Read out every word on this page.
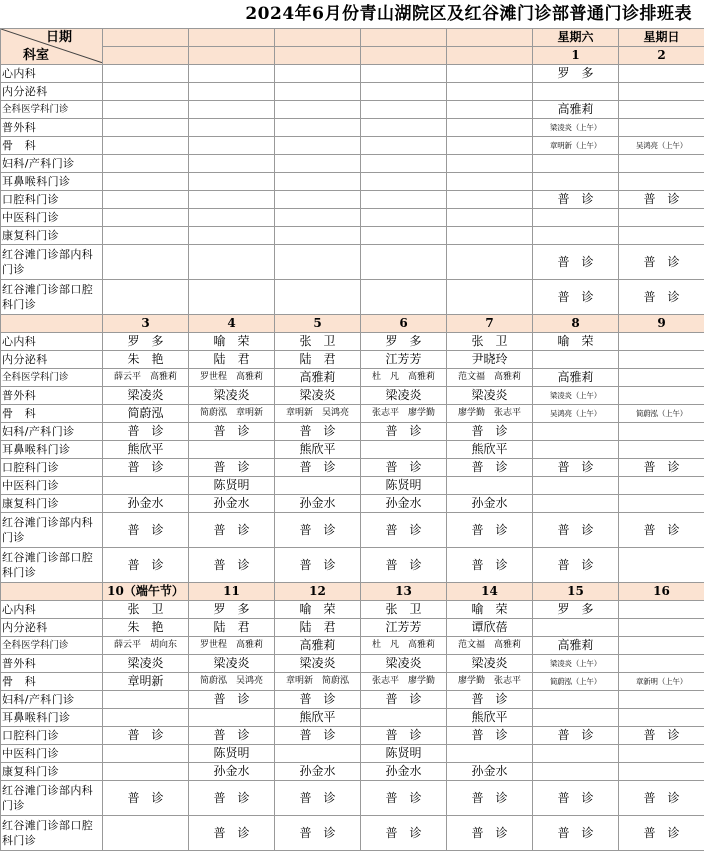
2024年6月份青山湖院区及红谷滩门诊部普通门诊排班表
日期
科室						星期六	星期日
						1	2
心内科						罗　多	
内分泌科							
全科医学科门诊						高雅莉	
普外科						梁凌炎（上午）	
骨　科						章明新（上午）	吴鸿亮（上午）
妇科/产科门诊							
耳鼻喉科门诊							
口腔科门诊						普　诊	普　诊
中医科门诊							
康复科门诊							
红谷滩门诊部内科门诊						普　诊	普　诊
红谷滩门诊部口腔科门诊						普　诊	普　诊
	3	4	5	6	7	8	9
心内科	罗　多	喻　荣	张　卫	罗　多	张　卫	喻　荣	
内分泌科	朱　艳	陆　君	陆　君	江芳芳	尹晓玲		
全科医学科门诊	薛云平　高雅莉	罗世程　高雅莉	高雅莉	杜　凡　高雅莉	范文福　高雅莉	高雅莉	
普外科	梁凌炎	梁凌炎	梁凌炎	梁凌炎	梁凌炎	梁凌炎（上午）	
骨　科	简蔚泓	简蔚泓　章明新	章明新　吴鸿亮	张志平　廖学勤	廖学勤　张志平	吴鸿亮（上午）	简蔚泓（上午）
妇科/产科门诊	普　诊	普　诊	普　诊	普　诊	普　诊		
耳鼻喉科门诊	熊欣平		熊欣平		熊欣平		
口腔科门诊	普　诊	普　诊	普　诊	普　诊	普　诊	普　诊	普　诊
中医科门诊		陈贤明		陈贤明			
康复科门诊	孙金水	孙金水	孙金水	孙金水	孙金水		
红谷滩门诊部内科门诊	普　诊	普　诊	普　诊	普　诊	普　诊	普　诊	普　诊
红谷滩门诊部口腔科门诊	普　诊	普　诊	普　诊	普　诊	普　诊	普　诊	
	10（端午节）	11	12	13	14	15	16
心内科	张　卫	罗　多	喻　荣	张　卫	喻　荣	罗　多	
内分泌科	朱　艳	陆　君	陆　君	江芳芳	谭欣蓓		
全科医学科门诊	薛云平　胡向东	罗世程　高雅莉	高雅莉	杜　凡　高雅莉	范文福　高雅莉	高雅莉	
普外科	梁凌炎	梁凌炎	梁凌炎	梁凌炎	梁凌炎	梁凌炎（上午）	
骨　科	章明新	简蔚泓　吴鸿亮	章明新　简蔚泓	张志平　廖学勤	廖学勤　张志平	简蔚泓（上午）	章新明（上午）
妇科/产科门诊		普　诊	普　诊	普　诊	普　诊		
耳鼻喉科门诊			熊欣平		熊欣平		
口腔科门诊	普　诊	普　诊	普　诊	普　诊	普　诊	普　诊	普　诊
中医科门诊		陈贤明		陈贤明			
康复科门诊		孙金水	孙金水	孙金水	孙金水		
红谷滩门诊部内科门诊	普　诊	普　诊	普　诊	普　诊	普　诊	普　诊	普　诊
红谷滩门诊部口腔科门诊		普　诊	普　诊	普　诊	普　诊	普　诊	普　诊
